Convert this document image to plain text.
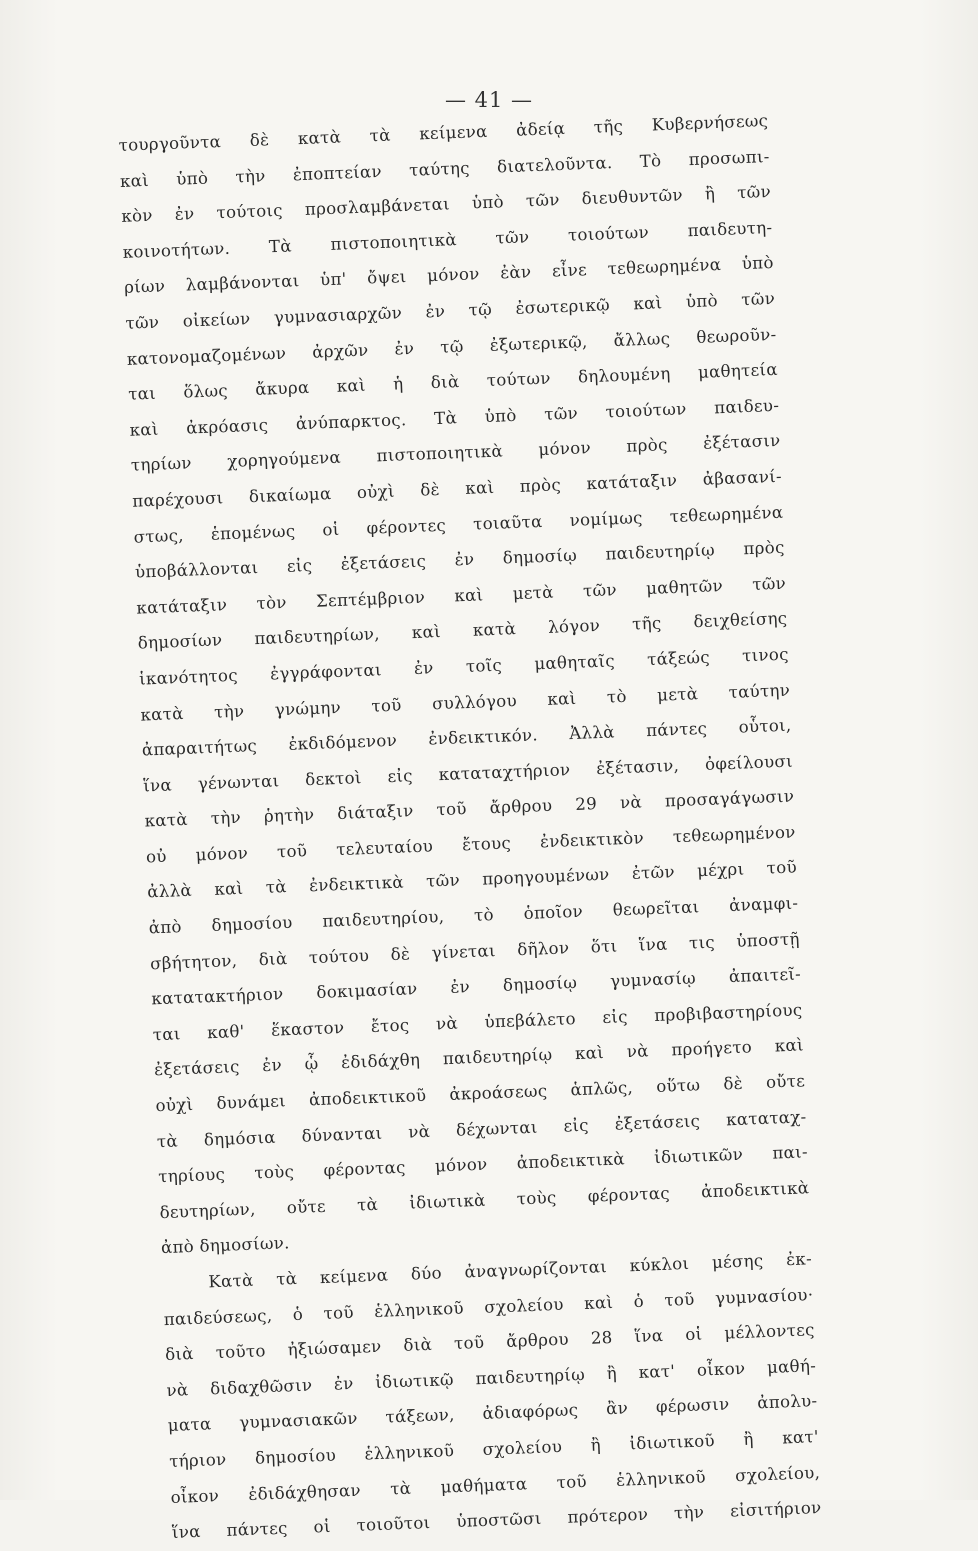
— 41 —
τουργοῦντα δὲ κατὰ τὰ κείμενα ἀδείᾳ τῆς Κυβερνήσεως
καὶ ὑπὸ τὴν ἐποπτείαν ταύτης διατελοῦντα. Τὸ προσωπι-
κὸν ἐν τούτοις προσλαμβάνεται ὑπὸ τῶν διευθυντῶν ἢ τῶν
κοινοτήτων. Τὰ πιστοποιητικὰ τῶν τοιούτων παιδευτη-
ρίων λαμβάνονται ὑπ' ὄψει μόνον ἐὰν εἶνε τεθεωρημένα ὑπὸ
τῶν οἰκείων γυμνασιαρχῶν ἐν τῷ ἐσωτερικῷ καὶ ὑπὸ τῶν
κατονομαζομένων ἀρχῶν ἐν τῷ ἐξωτερικῷ, ἄλλως θεωροῦν-
ται ὅλως ἄκυρα καὶ ἡ διὰ τούτων δηλουμένη μαθητεία
καὶ ἀκρόασις ἀνύπαρκτος. Τὰ ὑπὸ τῶν τοιούτων παιδευ-
τηρίων χορηγούμενα πιστοποιητικὰ μόνον πρὸς ἐξέτασιν
παρέχουσι δικαίωμα οὐχὶ δὲ καὶ πρὸς κατάταξιν ἀβασανί-
στως, ἑπομένως οἱ φέροντες τοιαῦτα νομίμως τεθεωρημένα
ὑποβάλλονται εἰς ἐξετάσεις ἐν δημοσίῳ παιδευτηρίῳ πρὸς
κατάταξιν τὸν Σεπτέμβριον καὶ μετὰ τῶν μαθητῶν τῶν
δημοσίων παιδευτηρίων, καὶ κατὰ λόγον τῆς δειχθείσης
ἱκανότητος ἐγγράφονται ἐν τοῖς μαθηταῖς τάξεώς τινος
κατὰ τὴν γνώμην τοῦ συλλόγου καὶ τὸ μετὰ ταύτην
ἀπαραιτήτως ἐκδιδόμενον ἐνδεικτικόν. Ἀλλὰ πάντες οὗτοι,
ἵνα γένωνται δεκτοὶ εἰς καταταχτήριον ἐξέτασιν, ὀφείλουσι
κατὰ τὴν ῥητὴν διάταξιν τοῦ ἄρθρου 29 νὰ προσαγάγωσιν
οὐ μόνον τοῦ τελευταίου ἔτους ἐνδεικτικὸν τεθεωρημένον
ἀλλὰ καὶ τὰ ἐνδεικτικὰ τῶν προηγουμένων ἐτῶν μέχρι τοῦ
ἀπὸ δημοσίου παιδευτηρίου, τὸ ὁποῖον θεωρεῖται ἀναμφι-
σβήτητον, διὰ τούτου δὲ γίνεται δῆλον ὅτι ἵνα τις ὑποστῇ
κατατακτήριον δοκιμασίαν ἐν δημοσίῳ γυμνασίῳ ἀπαιτεῖ-
ται καθ' ἕκαστον ἔτος νὰ ὑπεβάλετο εἰς προβιβαστηρίους
ἐξετάσεις ἐν ᾧ ἐδιδάχθη παιδευτηρίῳ καὶ νὰ προήγετο καὶ
οὐχὶ δυνάμει ἀποδεικτικοῦ ἀκροάσεως ἁπλῶς, οὕτω δὲ οὔτε
τὰ δημόσια δύνανται νὰ δέχωνται εἰς ἐξετάσεις καταταχ-
τηρίους τοὺς φέροντας μόνον ἀποδεικτικὰ ἰδιωτικῶν παι-
δευτηρίων, οὔτε τὰ ἰδιωτικὰ τοὺς φέροντας ἀποδεικτικὰ
ἀπὸ δημοσίων.
Κατὰ τὰ κείμενα δύο ἀναγνωρίζονται κύκλοι μέσης ἐκ-
παιδεύσεως, ὁ τοῦ ἑλληνικοῦ σχολείου καὶ ὁ τοῦ γυμνασίου·
διὰ τοῦτο ἠξιώσαμεν διὰ τοῦ ἄρθρου 28 ἵνα οἱ μέλλοντες
νὰ διδαχθῶσιν ἐν ἰδιωτικῷ παιδευτηρίῳ ἢ κατ' οἶκον μαθή-
ματα γυμνασιακῶν τάξεων, ἀδιαφόρως ἂν φέρωσιν ἀπολυ-
τήριον δημοσίου ἑλληνικοῦ σχολείου ἢ ἰδιωτικοῦ ἢ κατ'
οἶκον ἐδιδάχθησαν τὰ μαθήματα τοῦ ἑλληνικοῦ σχολείου,
ἵνα πάντες οἱ τοιοῦτοι ὑποστῶσι πρότερον τὴν εἰσιτήριον
